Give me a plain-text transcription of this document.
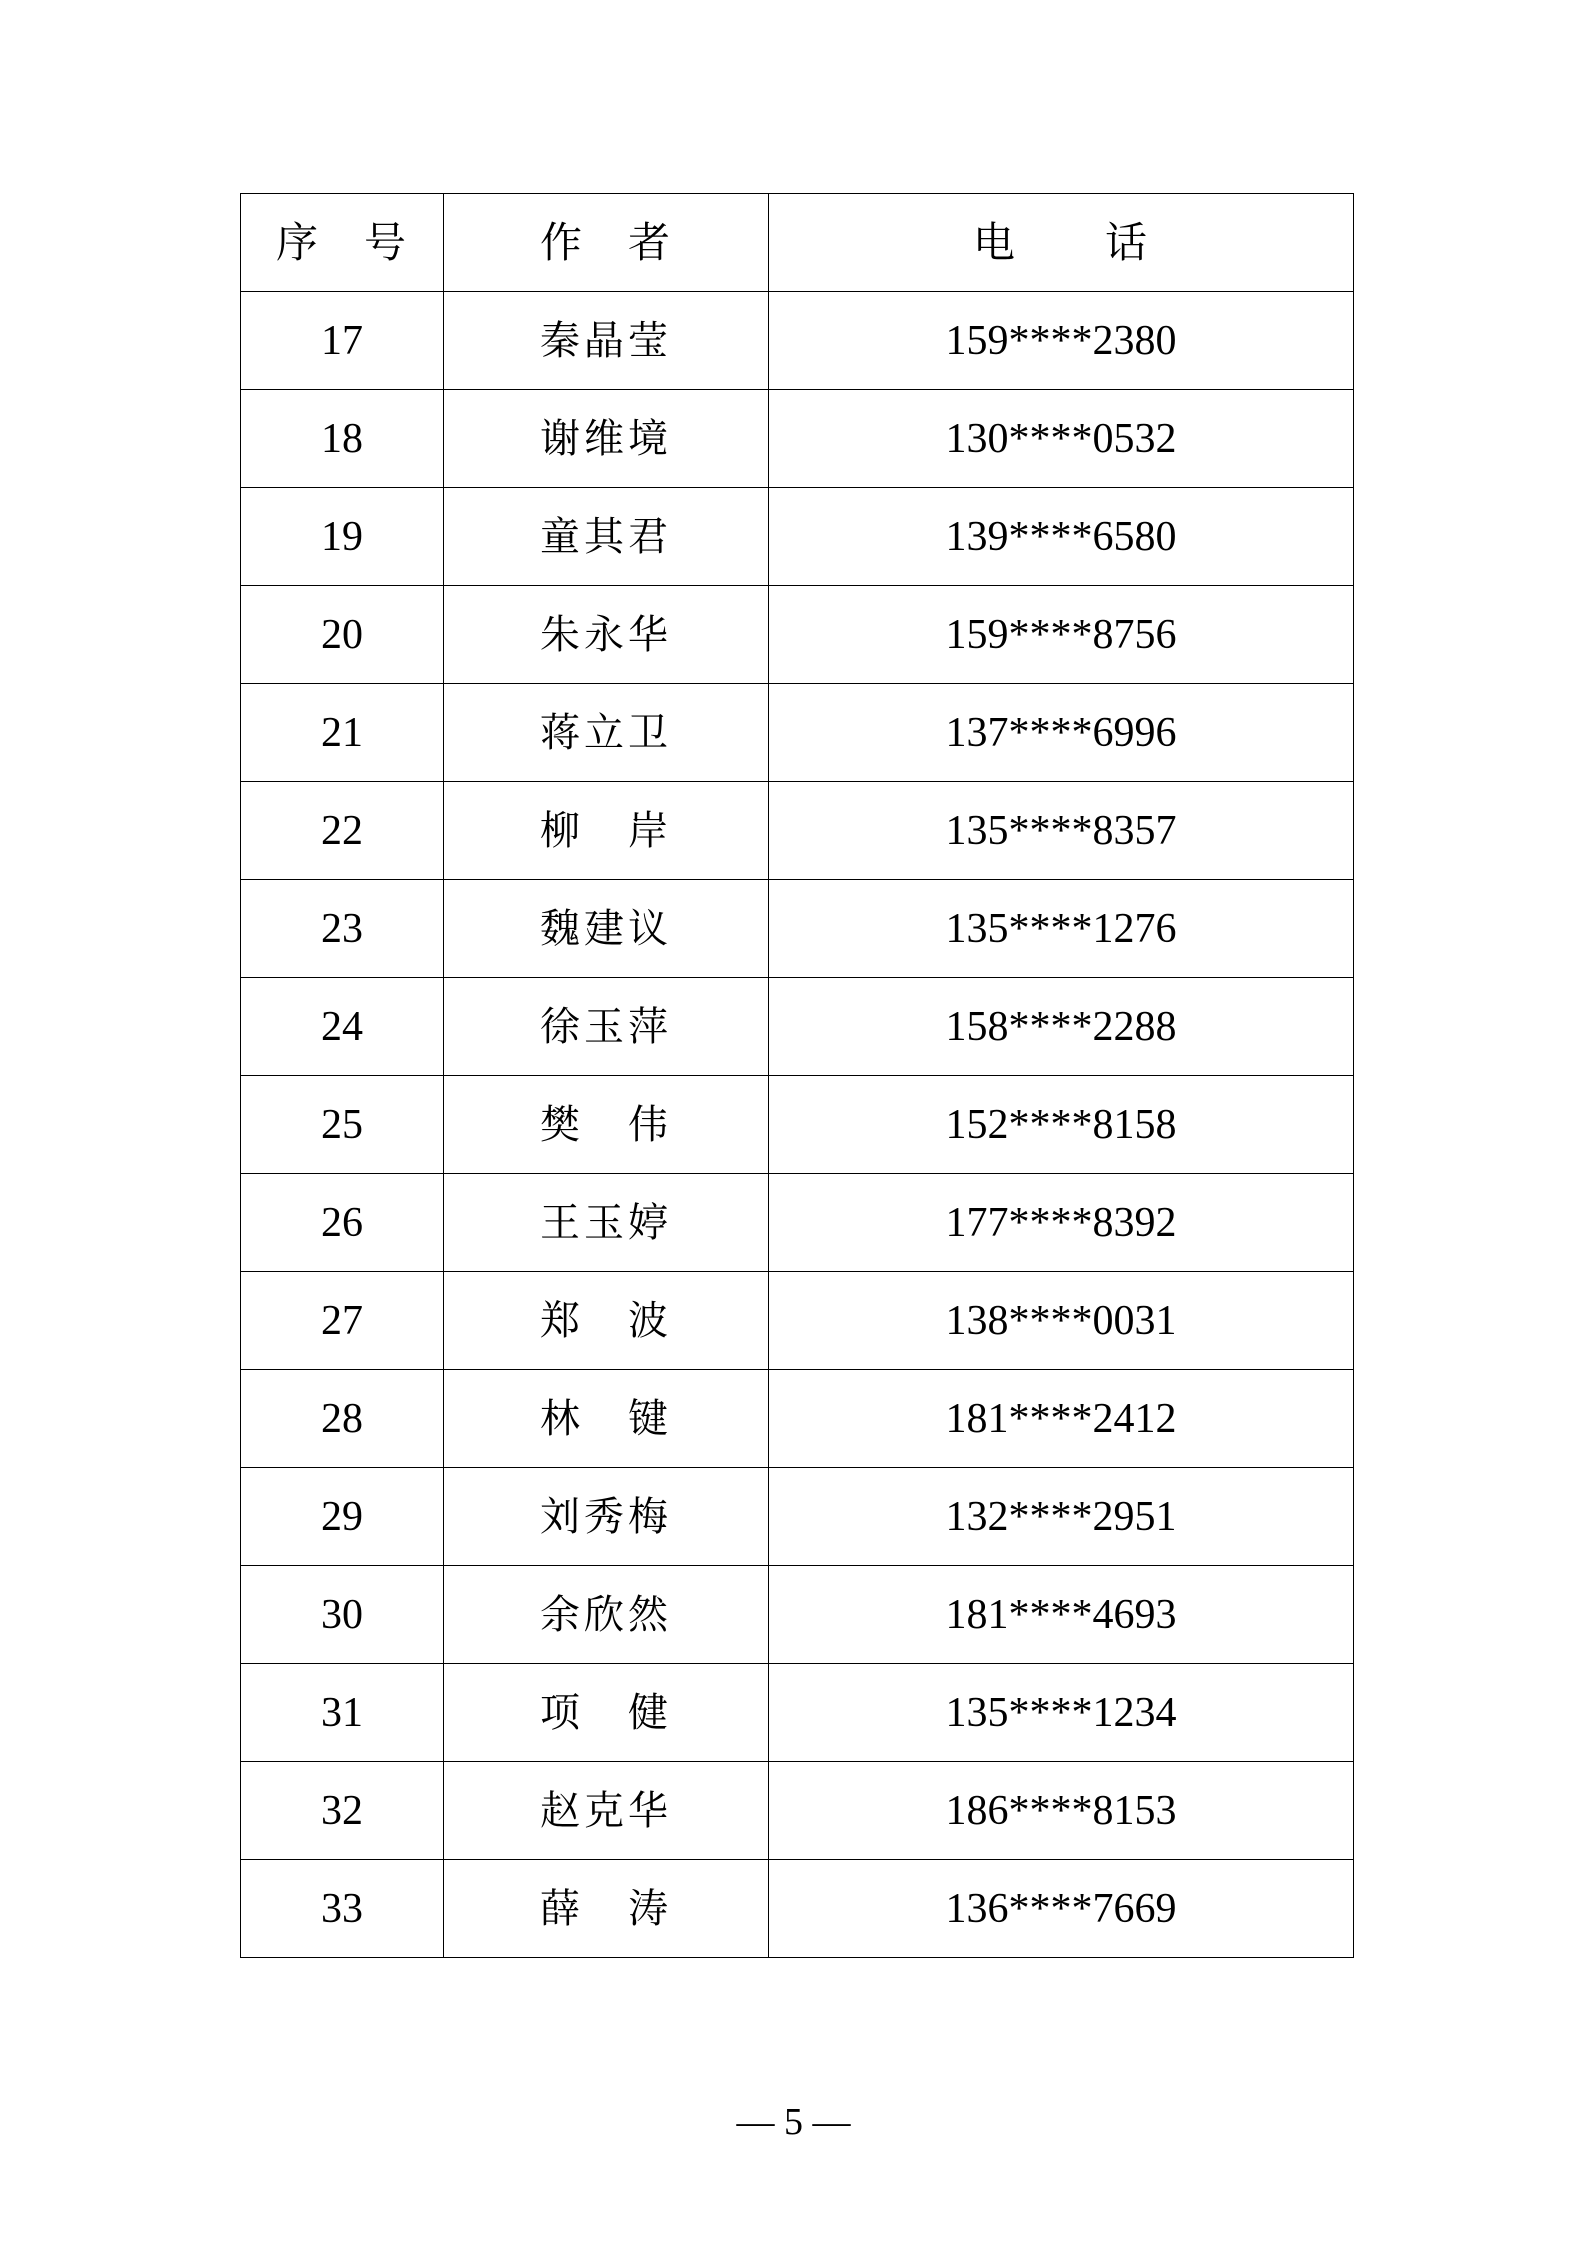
序　号	作　者	电　　话
17	秦晶莹	159****2380
18	谢维境	130****0532
19	童其君	139****6580
20	朱永华	159****8756
21	蒋立卫	137****6996
22	柳　岸	135****8357
23	魏建议	135****1276
24	徐玉萍	158****2288
25	樊　伟	152****8158
26	王玉婷	177****8392
27	郑　波	138****0031
28	林　键	181****2412
29	刘秀梅	132****2951
30	余欣然	181****4693
31	项　健	135****1234
32	赵克华	186****8153
33	薛　涛	136****7669
— 5 —
